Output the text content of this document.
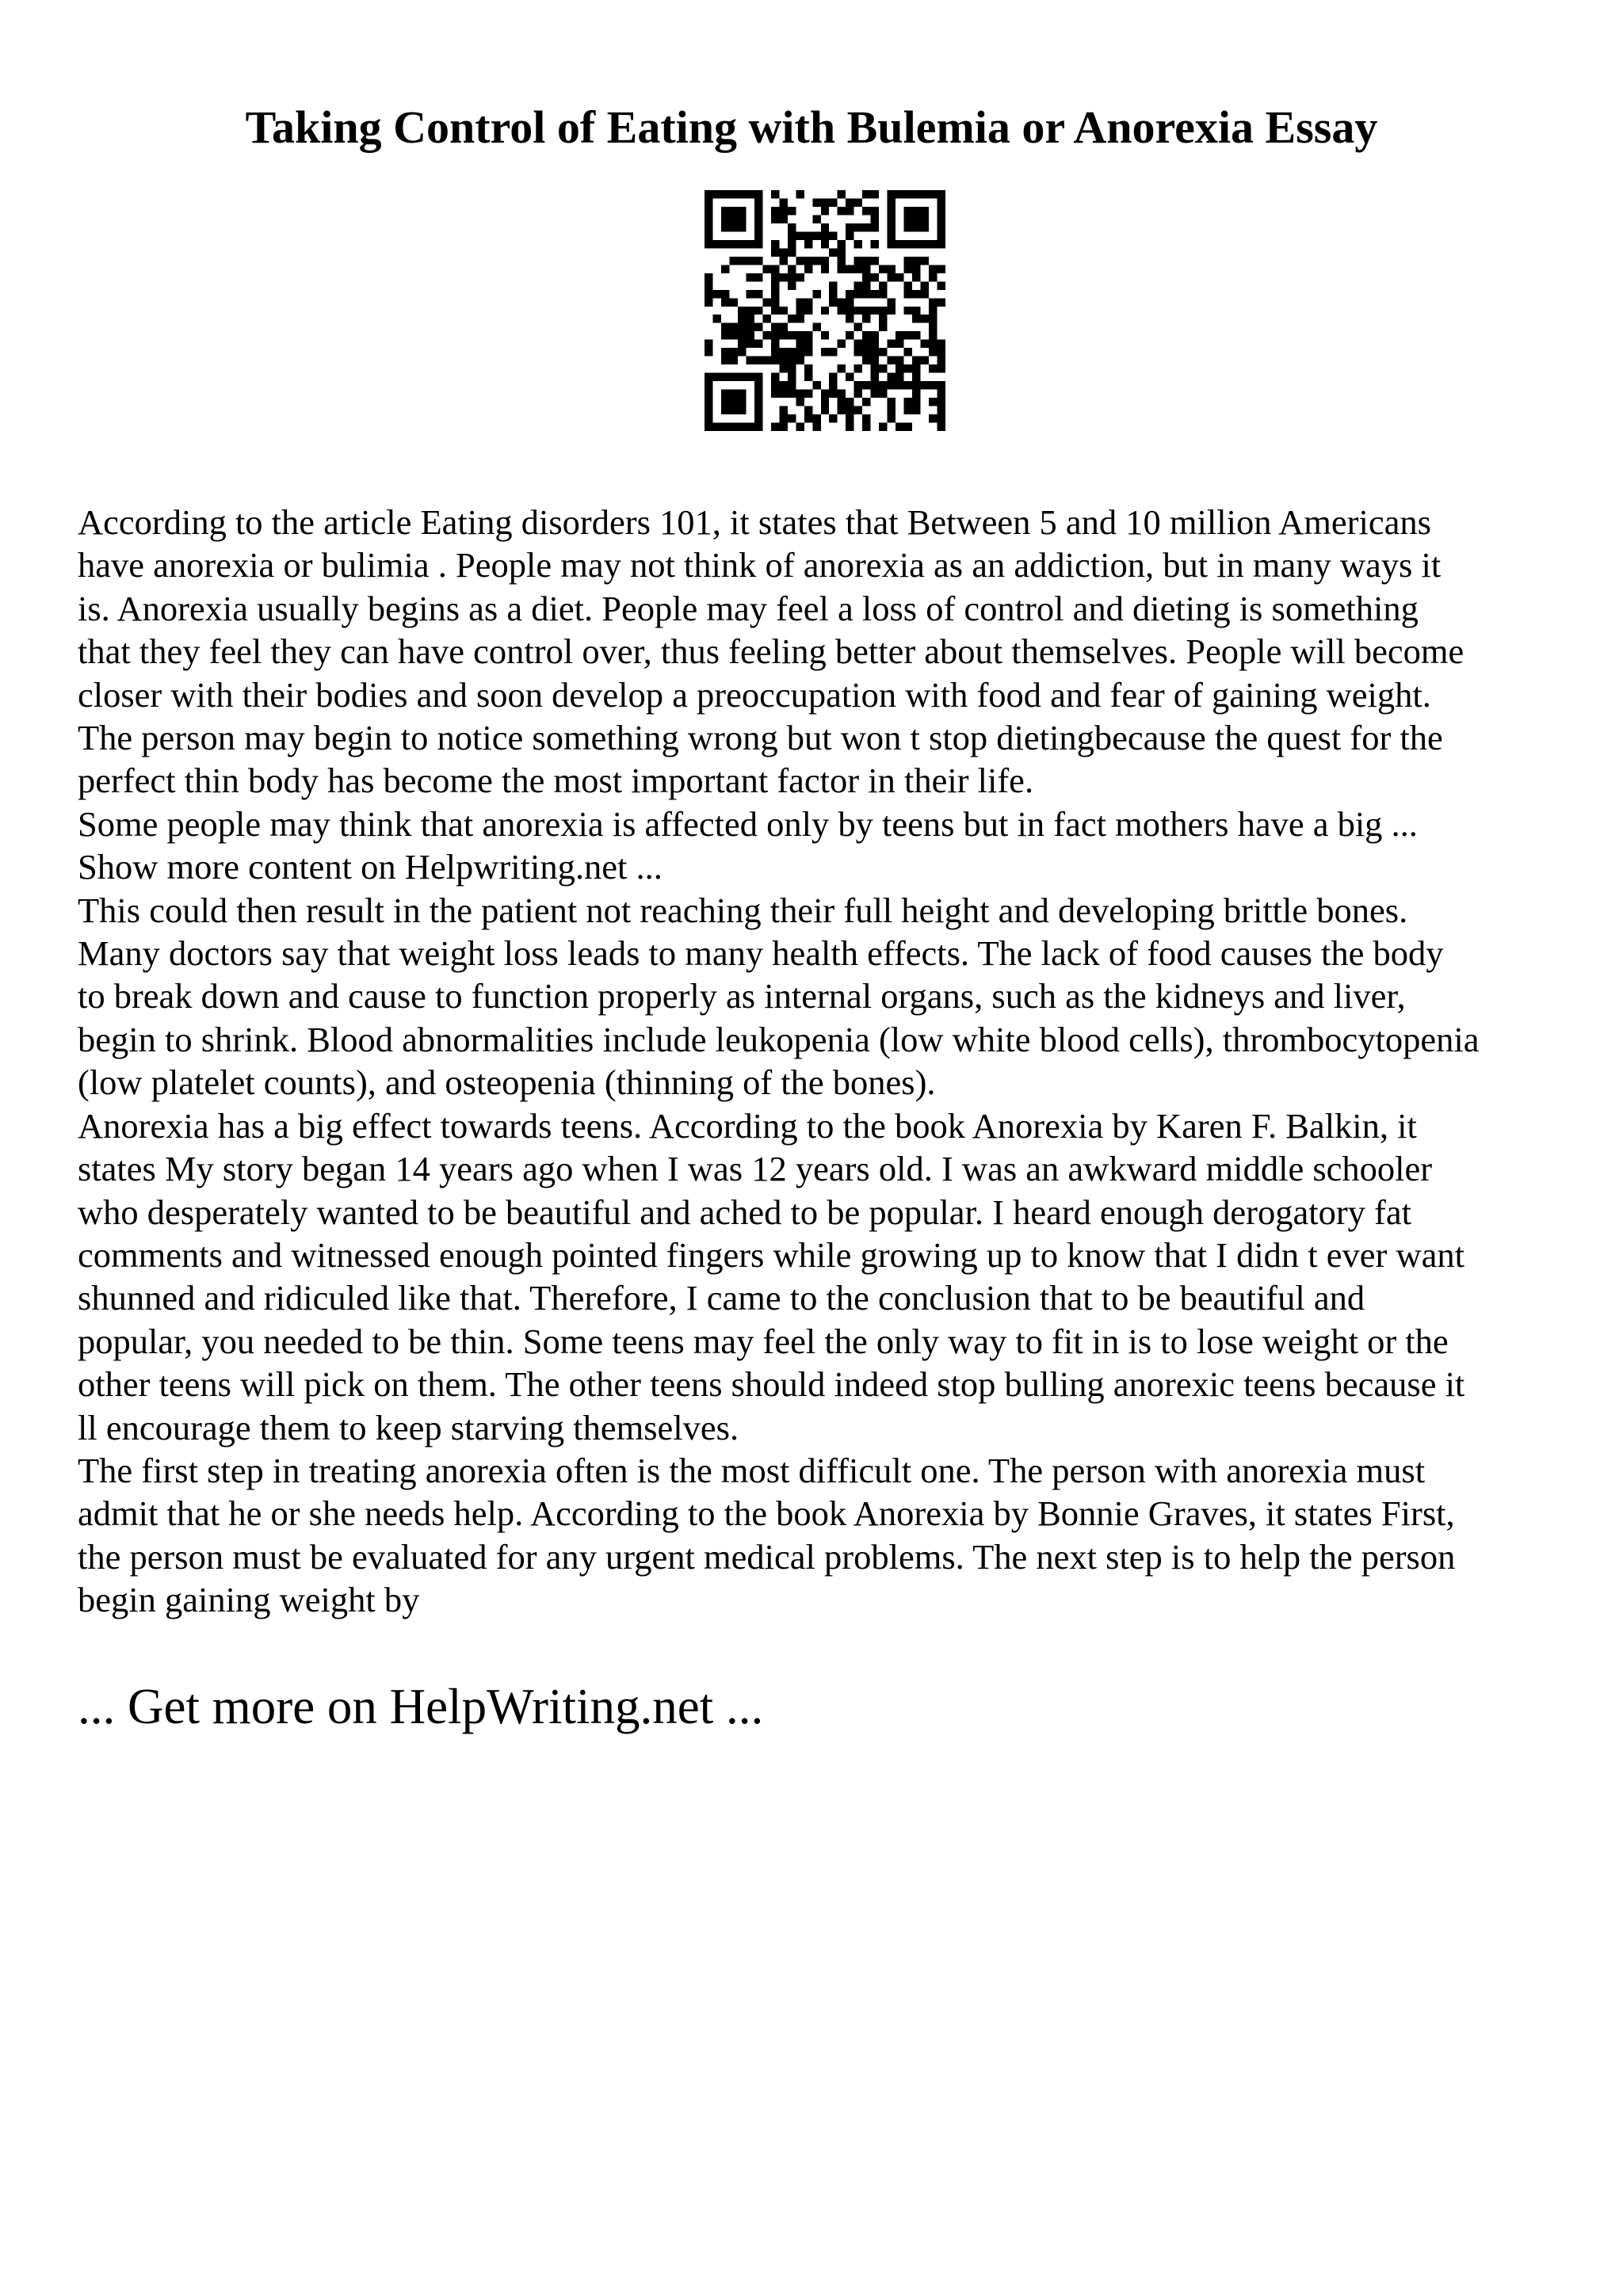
Taking Control of Eating with Bulemia or Anorexia Essay
According to the article Eating disorders 101, it states that Between 5 and 10 million Americans
have anorexia or bulimia . People may not think of anorexia as an addiction, but in many ways it
is. Anorexia usually begins as a diet. People may feel a loss of control and dieting is something
that they feel they can have control over, thus feeling better about themselves. People will become
closer with their bodies and soon develop a preoccupation with food and fear of gaining weight.
The person may begin to notice something wrong but won t stop dietingbecause the quest for the
perfect thin body has become the most important factor in their life.
Some people may think that anorexia is affected only by teens but in fact mothers have a big ...
Show more content on Helpwriting.net ...
This could then result in the patient not reaching their full height and developing brittle bones.
Many doctors say that weight loss leads to many health effects. The lack of food causes the body
to break down and cause to function properly as internal organs, such as the kidneys and liver,
begin to shrink. Blood abnormalities include leukopenia (low white blood cells), thrombocytopenia
(low platelet counts), and osteopenia (thinning of the bones).
Anorexia has a big effect towards teens. According to the book Anorexia by Karen F. Balkin, it
states My story began 14 years ago when I was 12 years old. I was an awkward middle schooler
who desperately wanted to be beautiful and ached to be popular. I heard enough derogatory fat
comments and witnessed enough pointed fingers while growing up to know that I didn t ever want
shunned and ridiculed like that. Therefore, I came to the conclusion that to be beautiful and
popular, you needed to be thin. Some teens may feel the only way to fit in is to lose weight or the
other teens will pick on them. The other teens should indeed stop bulling anorexic teens because it
ll encourage them to keep starving themselves.
The first step in treating anorexia often is the most difficult one. The person with anorexia must
admit that he or she needs help. According to the book Anorexia by Bonnie Graves, it states First,
the person must be evaluated for any urgent medical problems. The next step is to help the person
begin gaining weight by
... Get more on HelpWriting.net ...
